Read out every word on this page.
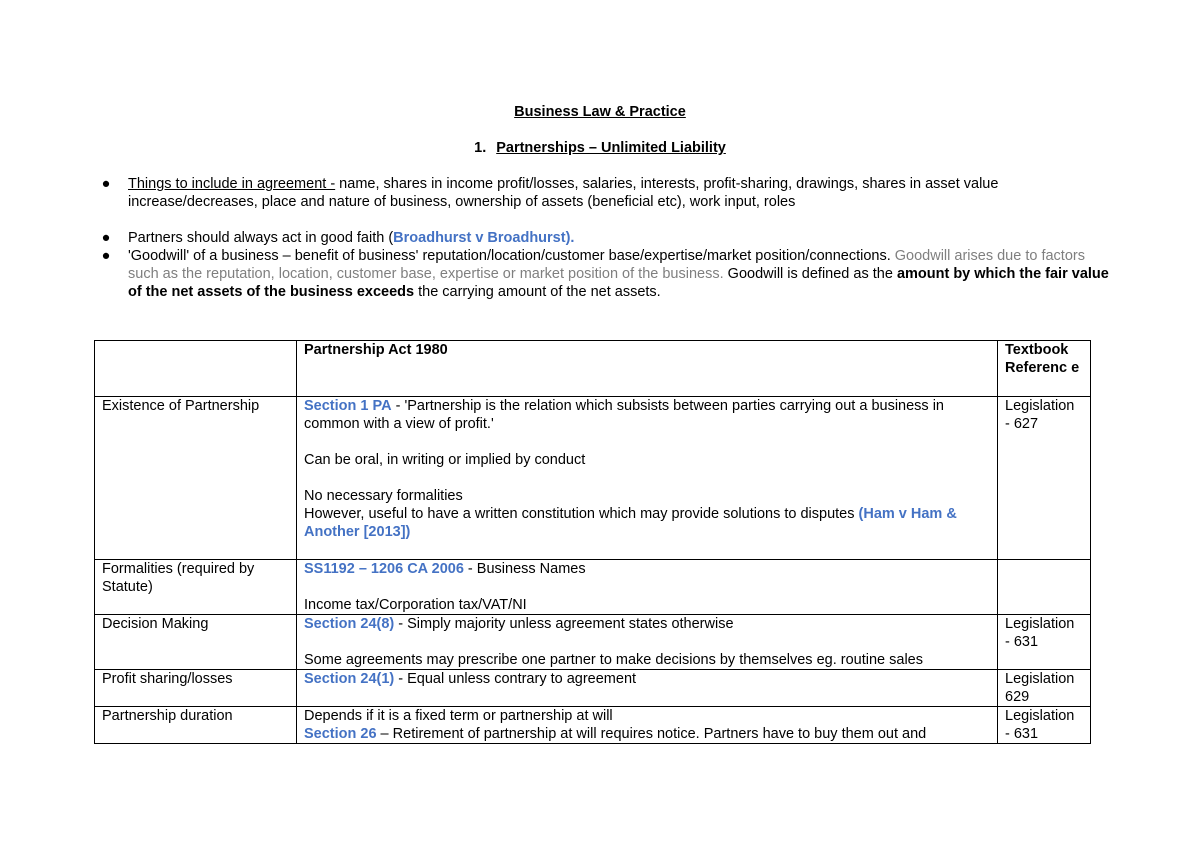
Business Law & Practice
1. Partnerships – Unlimited Liability
● Things to include in agreement - name, shares in income profit/losses, salaries, interests, profit-sharing, drawings, shares in asset value increase/decreases, place and nature of business, ownership of assets (beneficial etc), work input, roles
● Partners should always act in good faith (Broadhurst v Broadhurst).
● 'Goodwill' of a business – benefit of business' reputation/location/customer base/expertise/market position/connections. Goodwill arises due to factors such as the reputation, location, customer base, expertise or market position of the business. Goodwill is defined as the amount by which the fair value of the net assets of the business exceeds the carrying amount of the net assets.
	Partnership Act 1980	Textbook Referenc e
Existence of Partnership	Section 1 PA - 'Partnership is the relation which subsists between parties carrying out a business in common with a view of profit.'

Can be oral, in writing or implied by conduct

No necessary formalities

However, useful to have a written constitution which may provide solutions to disputes (Ham v Ham & Another [2013])	Legislation - 627
Formalities (required by Statute)	SS1192 – 1206 CA 2006 - Business Names

Income tax/Corporation tax/VAT/NI	

Decision Making	Section 24(8) - Simply majority unless agreement states otherwise

Some agreements may prescribe one partner to make decisions by themselves eg. routine sales	Legislation - 631
Profit sharing/losses	Section 24(1) - Equal unless contrary to agreement	Legislation 629
Partnership duration	Depends if it is a fixed term or partnership at will

Section 26 – Retirement of partnership at will requires notice. Partners have to buy them out and	Legislation - 631
